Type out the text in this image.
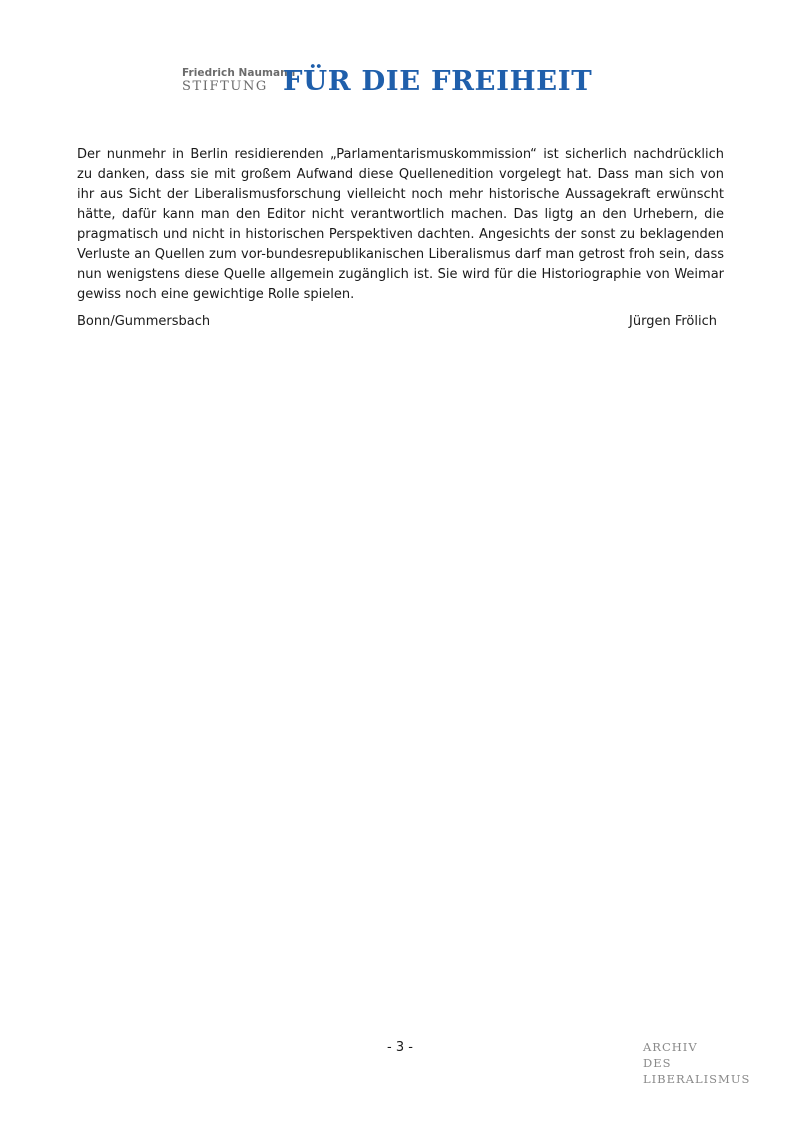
Friedrich Naumann
STIFTUNG FÜR DIE FREIHEIT
Der nunmehr in Berlin residierenden „Parlamentarismuskommission“ ist sicherlich nachdrücklich zu danken, dass sie mit großem Aufwand diese Quellenedition vorgelegt hat. Dass man sich von ihr aus Sicht der Liberalismusforschung vielleicht noch mehr historische Aussagekraft erwünscht hätte, dafür kann man den Editor nicht verantwortlich machen. Das ligtg an den Urhebern, die pragmatisch und nicht in historischen Perspektiven dachten. Angesichts der sonst zu beklagenden Verluste an Quellen zum vor-bundesrepublikanischen Liberalismus darf man getrost froh sein, dass nun wenigstens diese Quelle allgemein zugänglich ist. Sie wird für die Historiographie von Weimar gewiss noch eine gewichtige Rolle spielen.
Bonn/Gummersbach	Jürgen Frölich
- 3 -	ARCHIV
DES
LIBERALISMUS
